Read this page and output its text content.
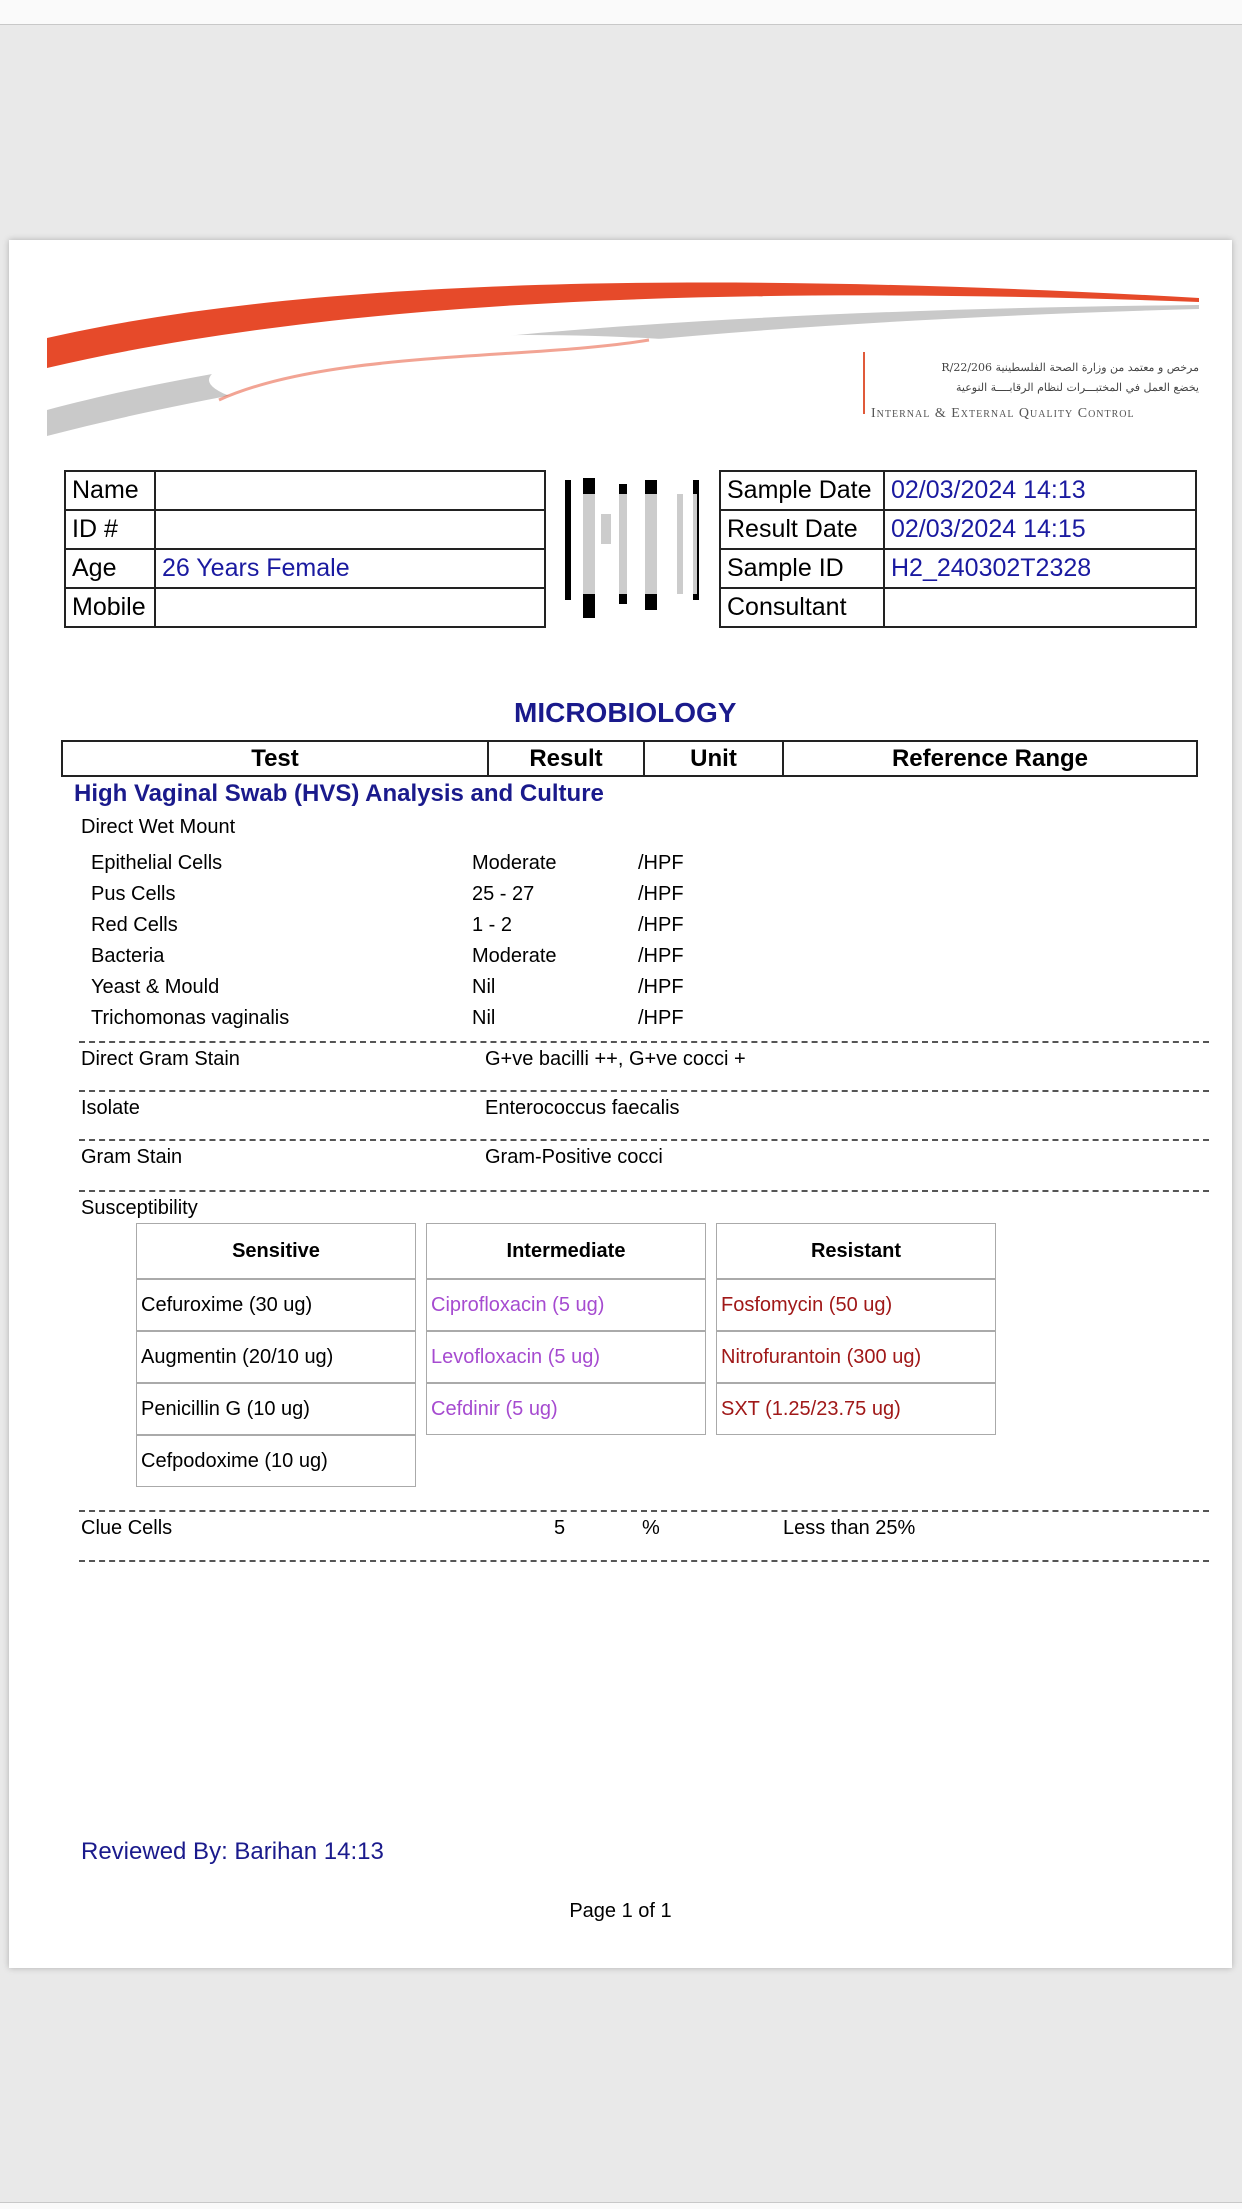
مرخص و معتمد من وزارة الصحة الفلسطينية R/22/206
يخضع العمل في المختبـــرات لنظام الرقابــــة النوعية
Internal & External Quality Control
Name	
ID #	
Age	26 Years Female
Mobile	
Sample Date	02/03/2024 14:13
Result Date	02/03/2024 14:15
Sample ID	H2_240302T2328
Consultant	
MICROBIOLOGY
Test	Result	Unit	Reference Range
High Vaginal Swab (HVS) Analysis and Culture
Direct Wet Mount
Epithelial Cells	Moderate	/HPF
Pus Cells	25 - 27	/HPF
Red Cells	1 - 2	/HPF
Bacteria	Moderate	/HPF
Yeast & Mould	Nil	/HPF
Trichomonas vaginalis	Nil	/HPF
Direct Gram Stain	G+ve bacilli ++, G+ve cocci +
Isolate	Enterococcus faecalis
Gram Stain	Gram-Positive cocci
Susceptibility
Sensitive	Intermediate	Resistant
Cefuroxime (30 ug)	Ciprofloxacin (5 ug)	Fosfomycin (50 ug)
Augmentin (20/10 ug)	Levofloxacin (5 ug)	Nitrofurantoin (300 ug)
Penicillin G (10 ug)	Cefdinir (5 ug)	SXT (1.25/23.75 ug)
Cefpodoxime (10 ug)		
Clue Cells	5	%	Less than 25%
Reviewed By: Barihan 14:13
Page 1 of 1
